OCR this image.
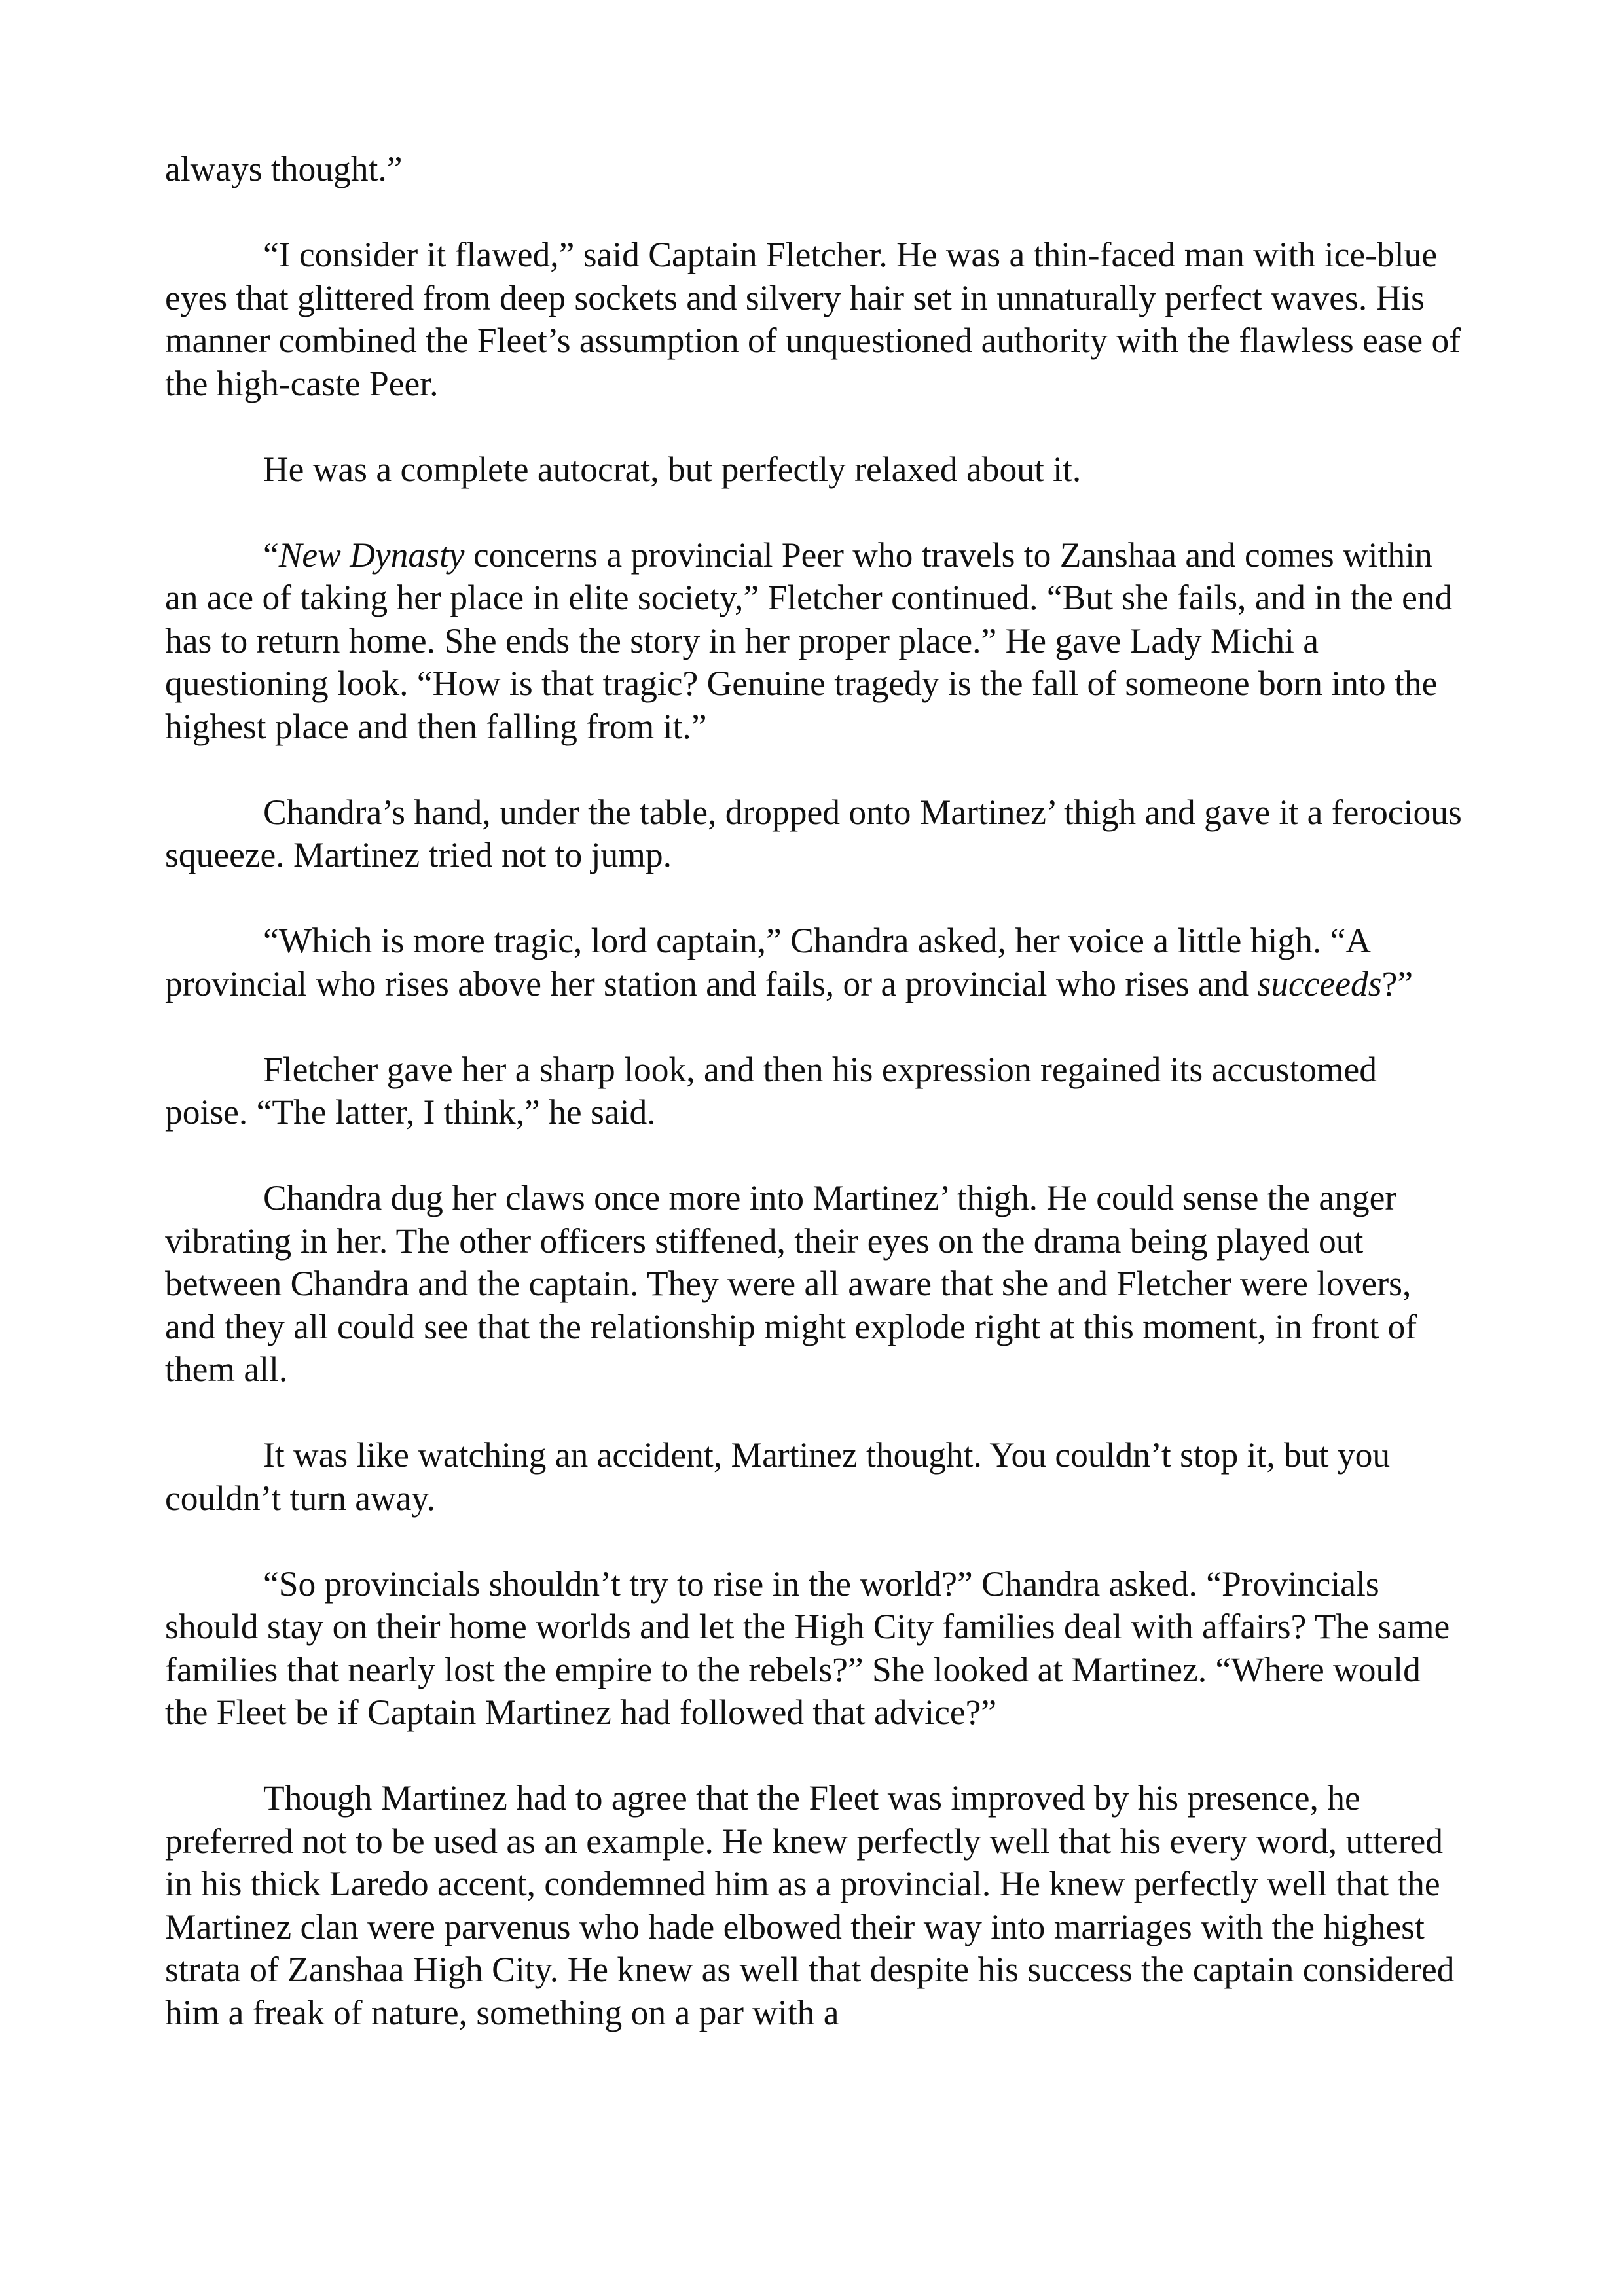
always thought.”

“I consider it flawed,” said Captain Fletcher. He was a thin-faced man with ice-blue eyes that glittered from deep sockets and silvery hair set in unnaturally perfect waves. His manner combined the Fleet’s assumption of unquestioned authority with the flawless ease of the high-caste Peer.

He was a complete autocrat, but perfectly relaxed about it.

“New Dynasty concerns a provincial Peer who travels to Zanshaa and comes within an ace of taking her place in elite society,” Fletcher continued. “But she fails, and in the end has to return home. She ends the story in her proper place.” He gave Lady Michi a questioning look. “How is that tragic? Genuine tragedy is the fall of someone born into the highest place and then falling from it.”

Chandra’s hand, under the table, dropped onto Martinez’ thigh and gave it a ferocious squeeze. Martinez tried not to jump.

“Which is more tragic, lord captain,” Chandra asked, her voice a little high. “A provincial who rises above her station and fails, or a provincial who rises and succeeds?”

Fletcher gave her a sharp look, and then his expression regained its accustomed poise. “The latter, I think,” he said.

Chandra dug her claws once more into Martinez’ thigh. He could sense the anger vibrating in her. The other officers stiffened, their eyes on the drama being played out between Chandra and the captain. They were all aware that she and Fletcher were lovers, and they all could see that the relationship might explode right at this moment, in front of them all.

It was like watching an accident, Martinez thought. You couldn’t stop it, but you couldn’t turn away.

“So provincials shouldn’t try to rise in the world?” Chandra asked. “Provincials should stay on their home worlds and let the High City families deal with affairs? The same families that nearly lost the empire to the rebels?” She looked at Martinez. “Where would the Fleet be if Captain Martinez had followed that advice?”

Though Martinez had to agree that the Fleet was improved by his presence, he preferred not to be used as an example. He knew perfectly well that his every word, uttered in his thick Laredo accent, condemned him as a provincial. He knew perfectly well that the Martinez clan were parvenus who hade elbowed their way into marriages with the highest strata of Zanshaa High City. He knew as well that despite his success the captain considered him a freak of nature, something on a par with a
